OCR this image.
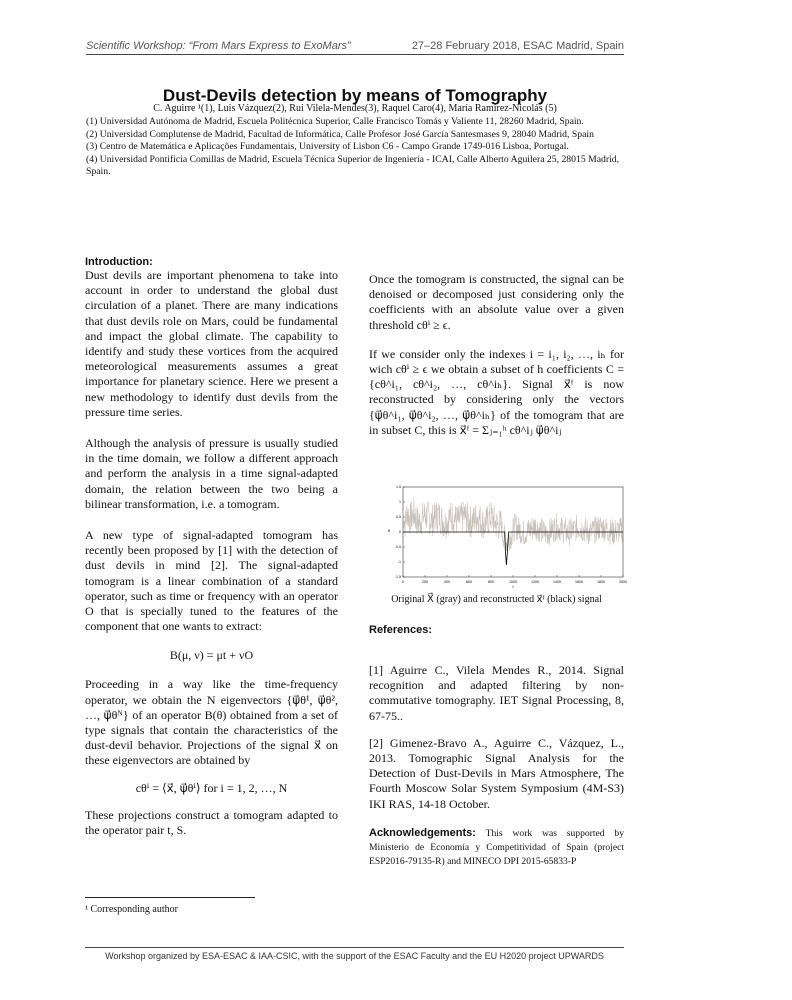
Scientific Workshop: “From Mars Express to ExoMars”	27–28 February 2018, ESAC Madrid, Spain
Dust-Devils detection by means of Tomography
C. Aguirre ¹(1), Luis Vázquez(2), Rui Vilela-Mendes(3), Raquel Caro(4), María Ramírez-Nicolás (5)

(1) Universidad Autónoma de Madrid, Escuela Politécnica Superior, Calle Francisco Tomás y Valiente 11, 28260 Madrid, Spain.

(2) Universidad Complutense de Madrid, Facultad de Informática, Calle Profesor José García Santesmases 9, 28040 Madrid, Spain

(3) Centro de Matemática e Aplicações Fundamentais, University of Lisbon C6 - Campo Grande 1749-016 Lisboa, Portugal.

(4) Universidad Pontificia Comillas de Madrid, Escuela Técnica Superior de Ingeniería - ICAI, Calle Alberto Aguilera 25, 28015 Madrid, Spain.

Introduction:

Dust devils are important phenomena to take into account in order to understand the global dust circulation of a planet. There are many indications that dust devils role on Mars, could be fundamental and impact the global climate. The capability to identify and study these vortices from the acquired meteorological measurements assumes a great importance for planetary science. Here we present a new methodology to identify dust devils from the pressure time series.

Although the analysis of pressure is usually studied in the time domain, we follow a different approach and perform the analysis in a time signal-adapted domain, the relation between the two being a bilinear transformation, i.e. a tomogram.

A new type of signal-adapted tomogram has recently been proposed by [1] with the detection of dust devils in mind [2]. The signal-adapted tomogram is a linear combination of a standard operator, such as time or frequency with an operator O that is specially tuned to the features of the component that one wants to extract:

B(μ, ν) = μt + νO

Proceeding in a way like the time-frequency operator, we obtain the N eigenvectors {ψ⃗θ¹, ψ⃗θ², …, ψ⃗θᴺ} of an operator B(θ) obtained from a set of type signals that contain the characteristics of the dust-devil behavior. Projections of the signal x⃗ on these eigenvectors are obtained by

cθⁱ = ⟨x⃗, ψ⃗θⁱ⟩ for i = 1, 2, …, N

These projections construct a tomogram adapted to the operator pair t, S.

Once the tomogram is constructed, the signal can be denoised or decomposed just considering only the coefficients with an absolute value over a given threshold cθⁱ ≥ ϵ.

If we consider only the indexes i = i₁, i₂, …, iₕ for wich cθⁱ ≥ ϵ we obtain a subset of h coefficients C = {cθ^i₁, cθ^i₂, …, cθ^iₕ}. Signal x⃗ᶠ is now reconstructed by considering only the vectors {ψ⃗θ^i₁, ψ⃗θ^i₂, …, ψ⃗θ^iₕ} of the tomogram that are in subset C, this is x⃗ᶠ = Σⱼ₌₁ʰ cθ^iⱼ ψ⃗θ^iⱼ

0	200	400	600	800	1000	1200	1400	1600	1800	2000
-1.5
-1
-0.5
0
0.5
1
1.5
t
θ
Original X⃗ (gray) and reconstructed x⃗ᶠ (black) signal

References:

[1] Aguirre C., Vilela Mendes R., 2014. Signal recognition and adapted filtering by non-commutative tomography. IET Signal Processing, 8, 67-75..

[2] Gimenez-Bravo A., Aguirre C., Vázquez, L., 2013. Tomographic Signal Analysis for the Detection of Dust-Devils in Mars Atmosphere, The Fourth Moscow Solar System Symposium (4M-S3) IKI RAS, 14-18 October.

Acknowledgements: This work was supported by Ministerio de Economía y Competitividad of Spain (project ESP2016-79135-R) and MINECO DPI 2015-65833-P

¹ Corresponding author
Workshop organized by ESA-ESAC & IAA-CSIC, with the support of the ESAC Faculty and the EU H2020 project UPWARDS
